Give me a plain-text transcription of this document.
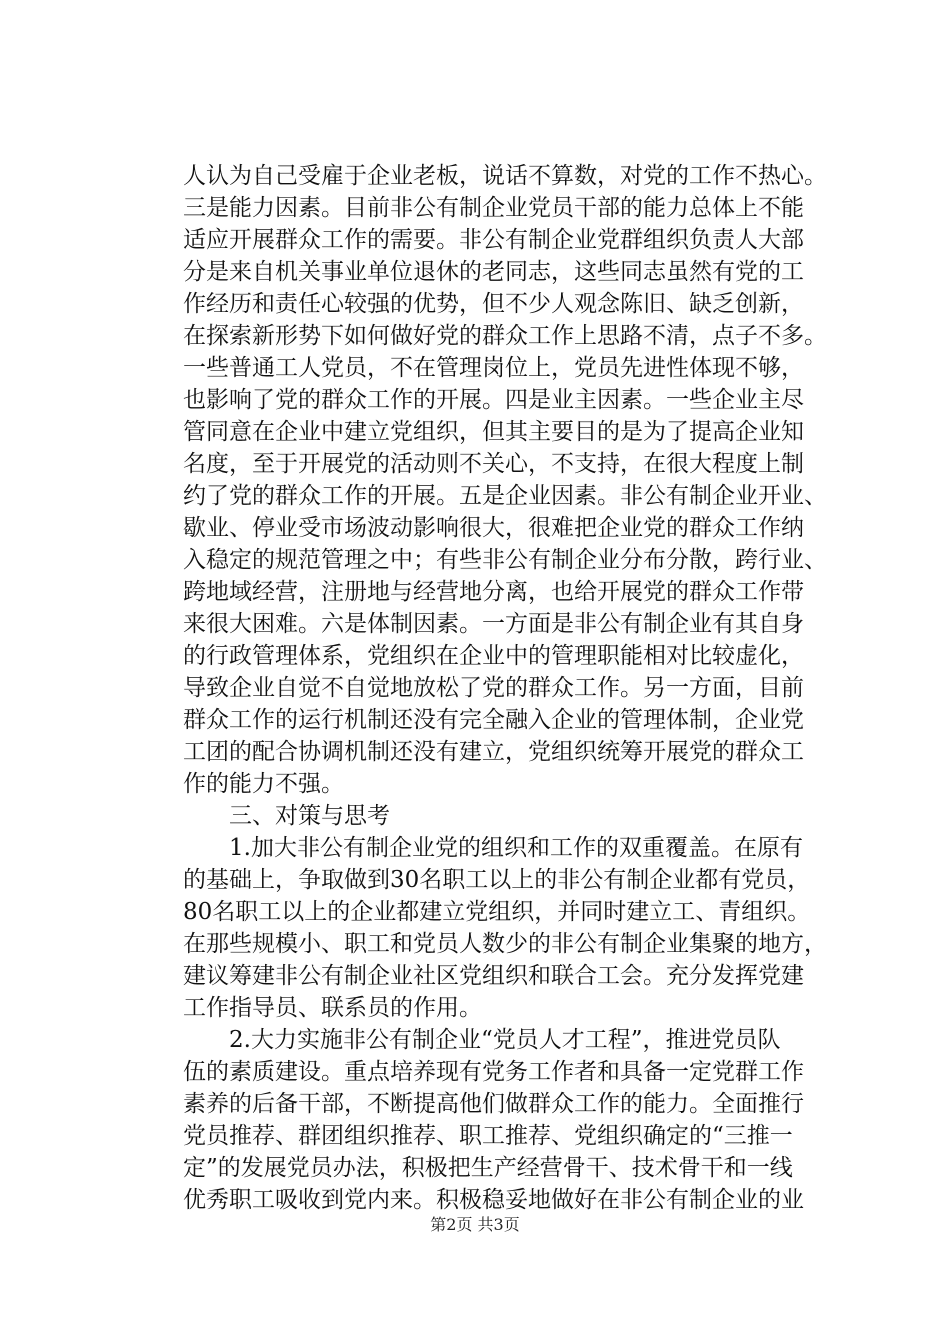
人认为自己受雇于企业老板，说话不算数，对党的工作不热心。
三是能力因素。目前非公有制企业党员干部的能力总体上不能
适应开展群众工作的需要。非公有制企业党群组织负责人大部
分是来自机关事业单位退休的老同志，这些同志虽然有党的工
作经历和责任心较强的优势，但不少人观念陈旧、缺乏创新，
在探索新形势下如何做好党的群众工作上思路不清，点子不多。
一些普通工人党员，不在管理岗位上，党员先进性体现不够，
也影响了党的群众工作的开展。四是业主因素。一些企业主尽
管同意在企业中建立党组织，但其主要目的是为了提高企业知
名度，至于开展党的活动则不关心，不支持，在很大程度上制
约了党的群众工作的开展。五是企业因素。非公有制企业开业、
歇业、停业受市场波动影响很大，很难把企业党的群众工作纳
入稳定的规范管理之中；有些非公有制企业分布分散，跨行业、
跨地域经营，注册地与经营地分离，也给开展党的群众工作带
来很大困难。六是体制因素。一方面是非公有制企业有其自身
的行政管理体系，党组织在企业中的管理职能相对比较虚化，
导致企业自觉不自觉地放松了党的群众工作。另一方面，目前
群众工作的运行机制还没有完全融入企业的管理体制，企业党
工团的配合协调机制还没有建立，党组织统筹开展党的群众工
作的能力不强。
三、对策与思考
1.加大非公有制企业党的组织和工作的双重覆盖。在原有
的基础上，争取做到30名职工以上的非公有制企业都有党员，
80名职工以上的企业都建立党组织，并同时建立工、青组织。
在那些规模小、职工和党员人数少的非公有制企业集聚的地方，
建议筹建非公有制企业社区党组织和联合工会。充分发挥党建
工作指导员、联系员的作用。
2.大力实施非公有制企业“党员人才工程”，推进党员队
伍的素质建设。重点培养现有党务工作者和具备一定党群工作
素养的后备干部，不断提高他们做群众工作的能力。全面推行
党员推荐、群团组织推荐、职工推荐、党组织确定的“三推一
定”的发展党员办法，积极把生产经营骨干、技术骨干和一线
优秀职工吸收到党内来。积极稳妥地做好在非公有制企业的业
第2页 共3页
